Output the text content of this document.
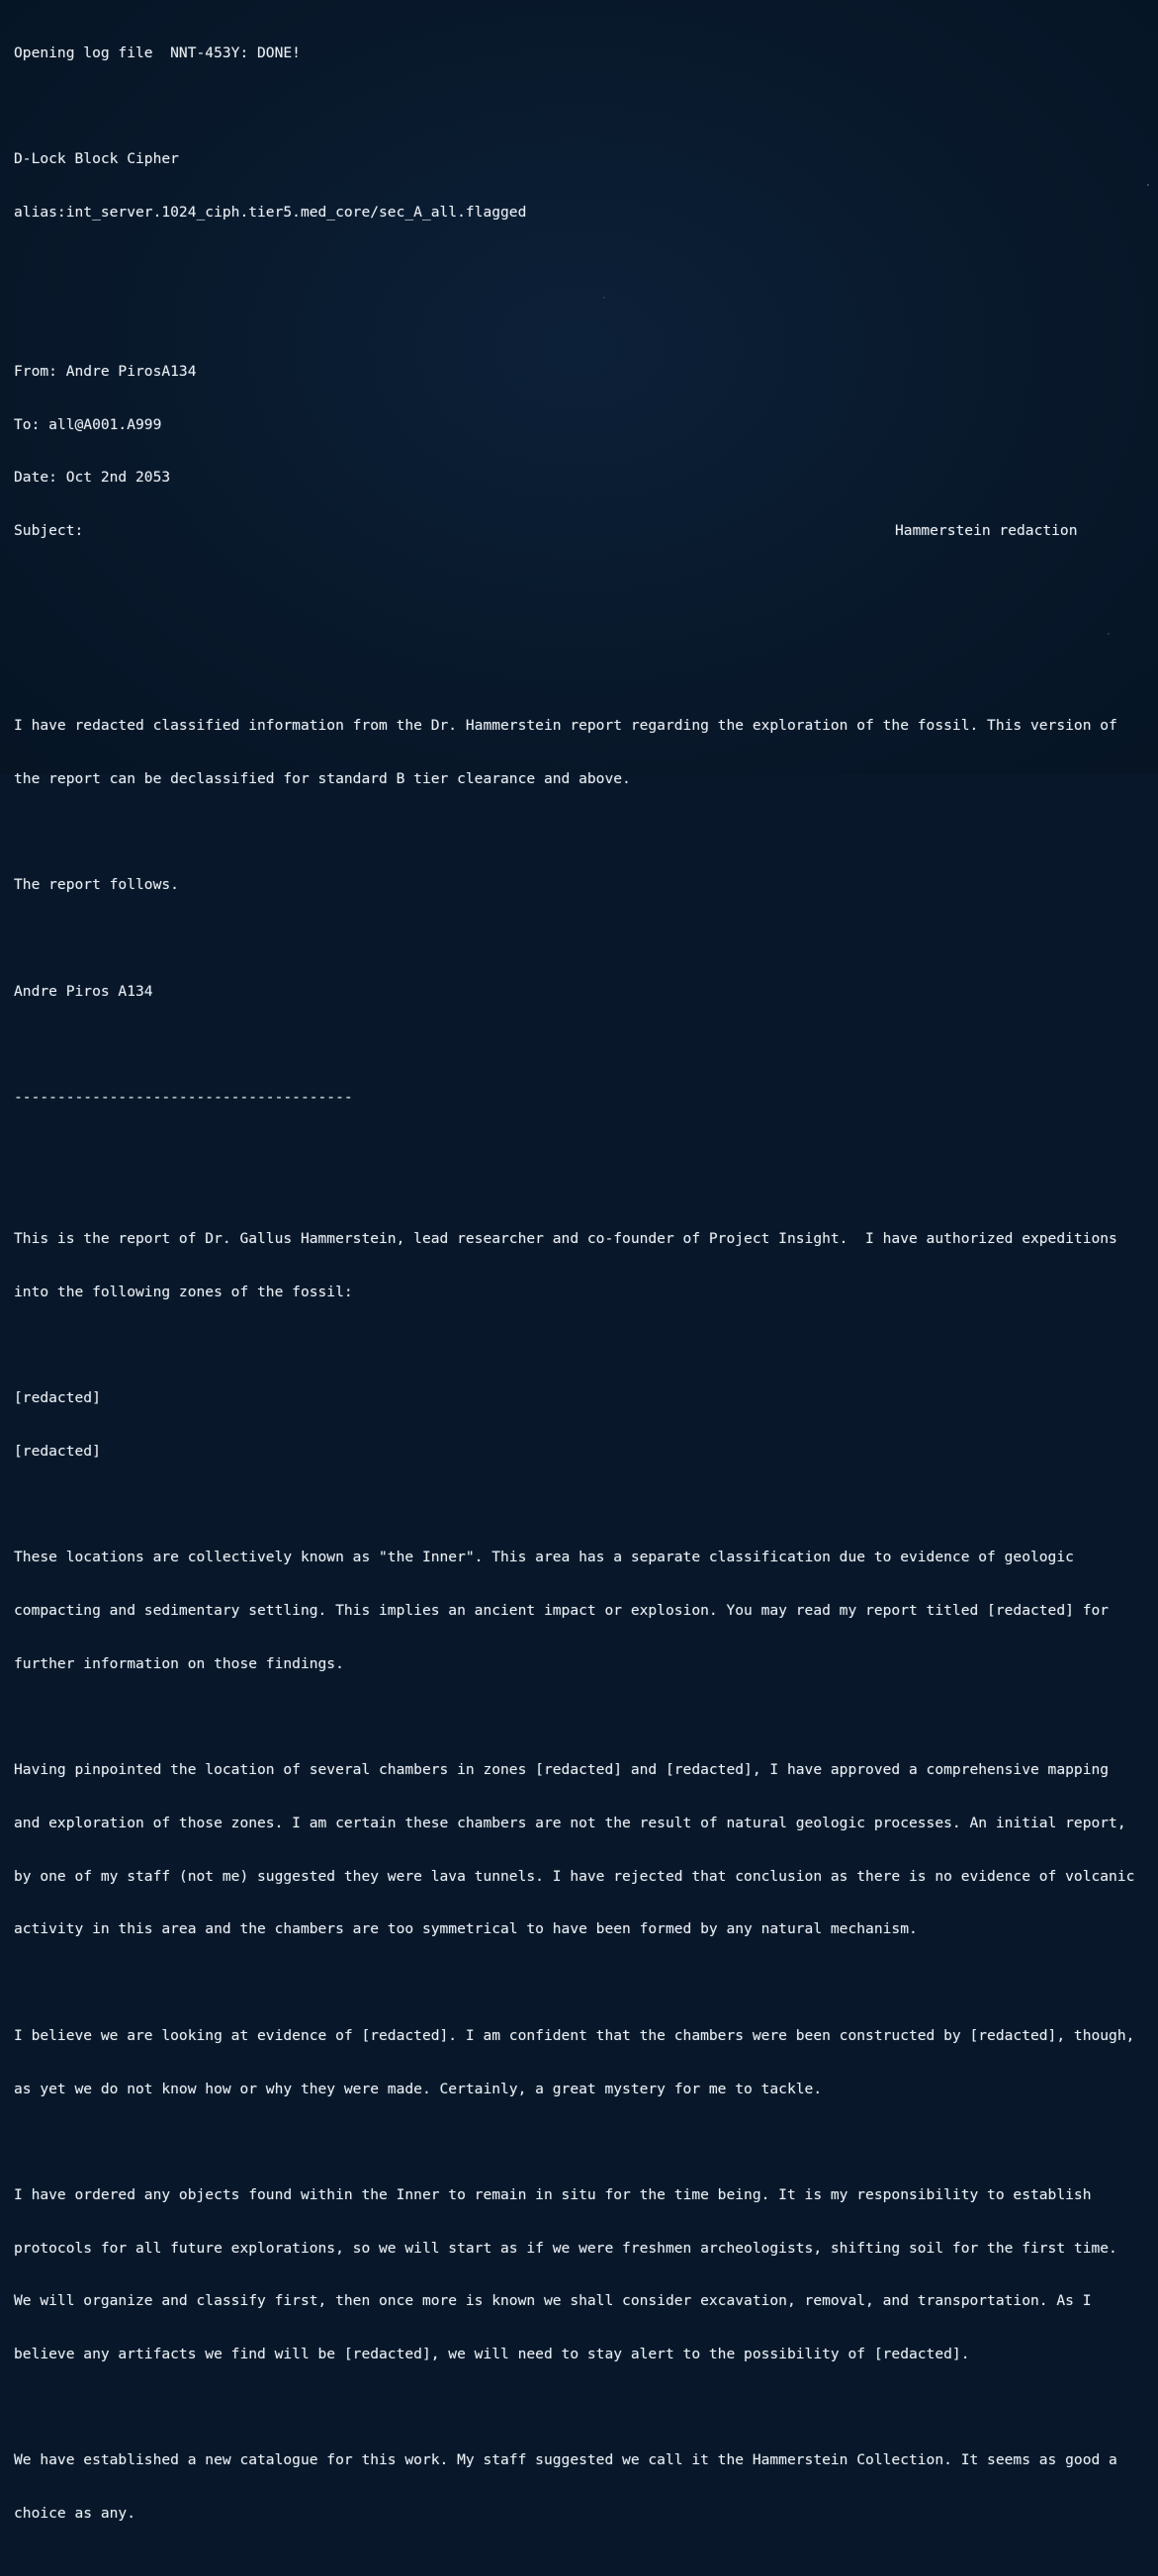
Opening log file  NNT-453Y: DONE!

D-Lock Block Cipher

alias:int_server.1024_ciph.tier5.med_core/sec_A_all.flagged

From: Andre PirosA134

To: all@A001.A999

Date: Oct 2nd 2053

Subject:	Hammerstein redaction

I have redacted classified information from the Dr. Hammerstein report regarding the exploration of the fossil. This version of

the report can be declassified for standard B tier clearance and above.

The report follows.

Andre Piros A134

---------------------------------------

This is the report of Dr. Gallus Hammerstein, lead researcher and co-founder of Project Insight.  I have authorized expeditions

into the following zones of the fossil:

[redacted]

[redacted]

These locations are collectively known as "the Inner". This area has a separate classification due to evidence of geologic

compacting and sedimentary settling. This implies an ancient impact or explosion. You may read my report titled [redacted] for

further information on those findings.

Having pinpointed the location of several chambers in zones [redacted] and [redacted], I have approved a comprehensive mapping

and exploration of those zones. I am certain these chambers are not the result of natural geologic processes. An initial report,

by one of my staff (not me) suggested they were lava tunnels. I have rejected that conclusion as there is no evidence of volcanic

activity in this area and the chambers are too symmetrical to have been formed by any natural mechanism.

I believe we are looking at evidence of [redacted]. I am confident that the chambers were been constructed by [redacted], though,

as yet we do not know how or why they were made. Certainly, a great mystery for me to tackle.

I have ordered any objects found within the Inner to remain in situ for the time being. It is my responsibility to establish

protocols for all future explorations, so we will start as if we were freshmen archeologists, shifting soil for the first time.

We will organize and classify first, then once more is known we shall consider excavation, removal, and transportation. As I

believe any artifacts we find will be [redacted], we will need to stay alert to the possibility of [redacted].

We have established a new catalogue for this work. My staff suggested we call it the Hammerstein Collection. It seems as good a

choice as any.
